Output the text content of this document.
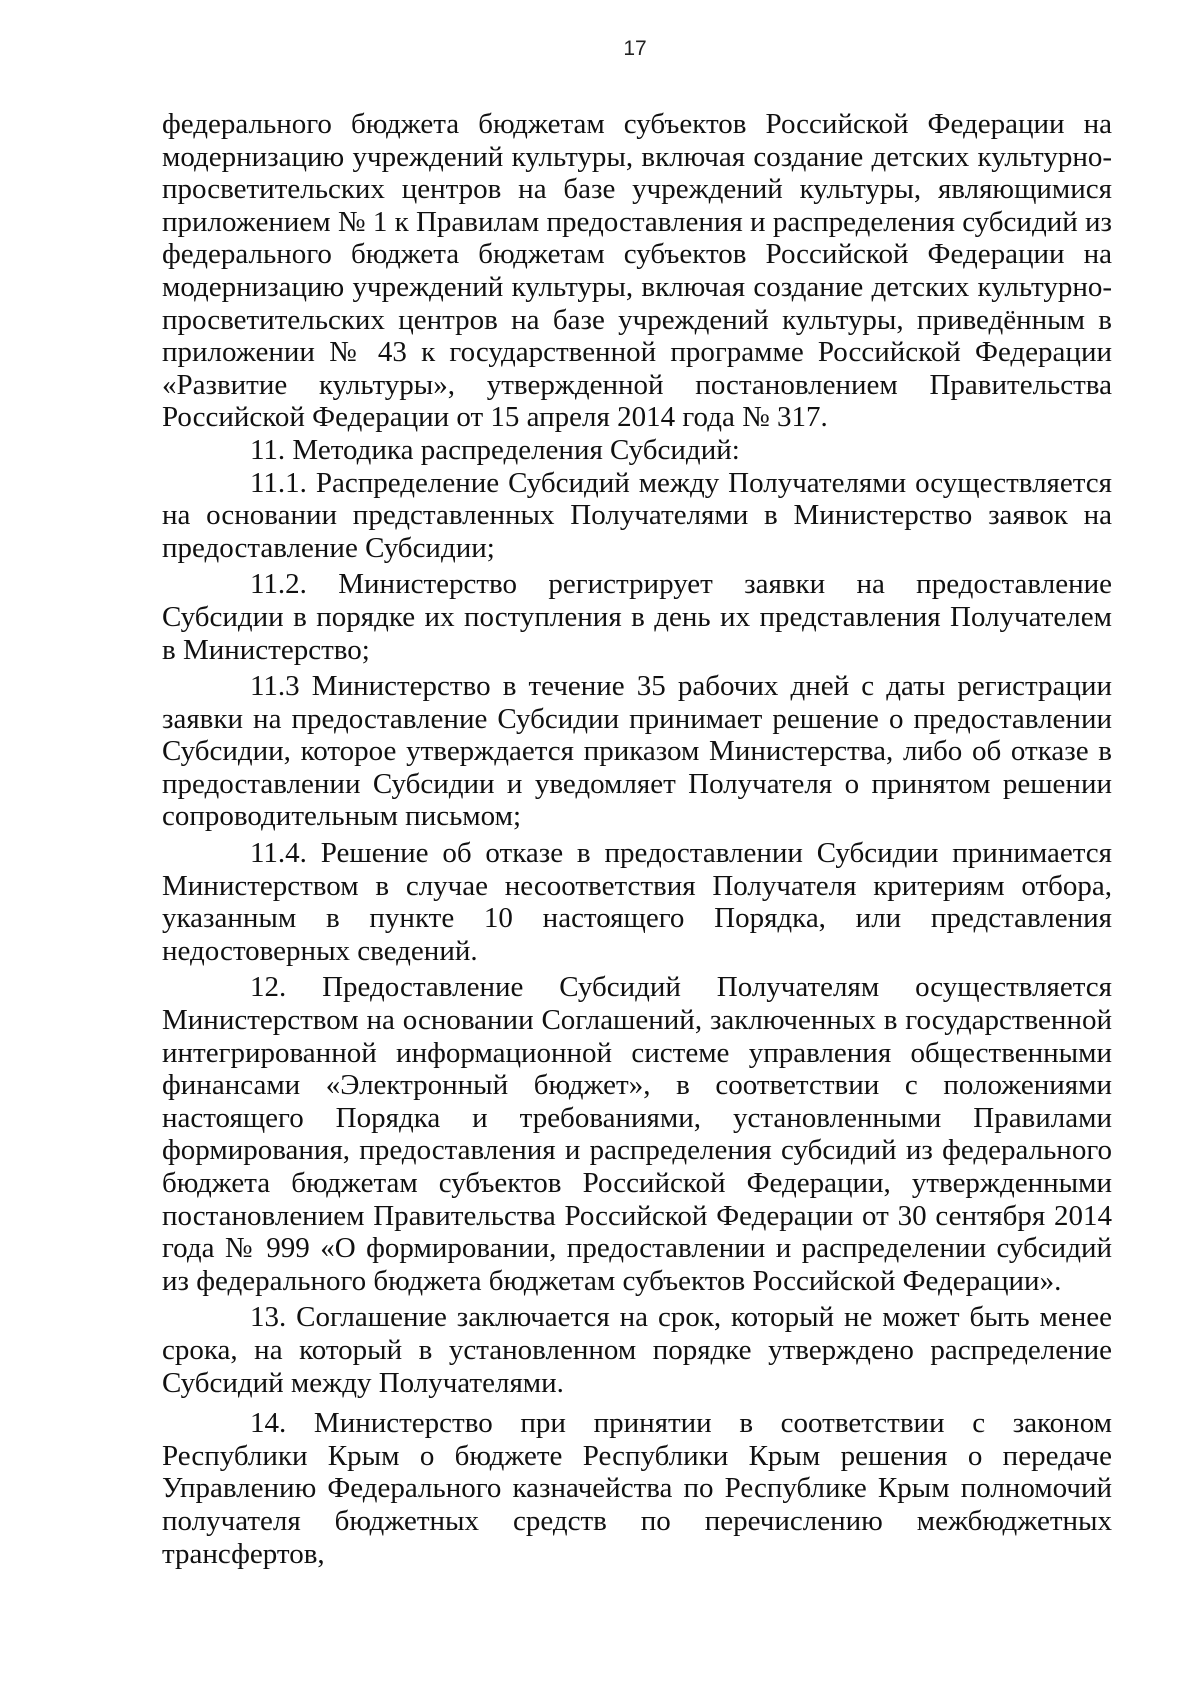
17

федерального бюджета бюджетам субъектов Российской Федерации на модернизацию учреждений культуры, включая создание детских культурно-просветительских центров на базе учреждений культуры, являющимися приложением № 1 к Правилам предоставления и распределения субсидий из федерального бюджета бюджетам субъектов Российской Федерации на модернизацию учреждений культуры, включая создание детских культурно-просветительских центров на базе учреждений культуры, приведённым в приложении № 43 к государственной программе Российской Федерации «Развитие культуры», утвержденной постановлением Правительства Российской Федерации от 15 апреля 2014 года № 317.

11. Методика распределения Субсидий:

11.1. Распределение Субсидий между Получателями осуществляется на основании представленных Получателями в Министерство заявок на предоставление Субсидии;

11.2. Министерство регистрирует заявки на предоставление Субсидии в порядке их поступления в день их представления Получателем в Министерство;

11.3 Министерство в течение 35 рабочих дней с даты регистрации заявки на предоставление Субсидии принимает решение о предоставлении Субсидии, которое утверждается приказом Министерства, либо об отказе в предоставлении Субсидии и уведомляет Получателя о принятом решении сопроводительным письмом;

11.4. Решение об отказе в предоставлении Субсидии принимается Министерством в случае несоответствия Получателя критериям отбора, указанным в пункте 10 настоящего Порядка, или представления недостоверных сведений.

12. Предоставление Субсидий Получателям осуществляется Министерством на основании Соглашений, заключенных в государственной интегрированной информационной системе управления общественными финансами «Электронный бюджет», в соответствии с положениями настоящего Порядка и требованиями, установленными Правилами формирования, предоставления и распределения субсидий из федерального бюджета бюджетам субъектов Российской Федерации, утвержденными постановлением Правительства Российской Федерации от 30 сентября 2014 года № 999 «О формировании, предоставлении и распределении субсидий из федерального бюджета бюджетам субъектов Российской Федерации».

13. Соглашение заключается на срок, который не может быть менее срока, на который в установленном порядке утверждено распределение Субсидий между Получателями.

14. Министерство при принятии в соответствии с законом Республики Крым о бюджете Республики Крым решения о передаче Управлению Федерального казначейства по Республике Крым полномочий получателя бюджетных средств по перечислению межбюджетных трансфертов,
